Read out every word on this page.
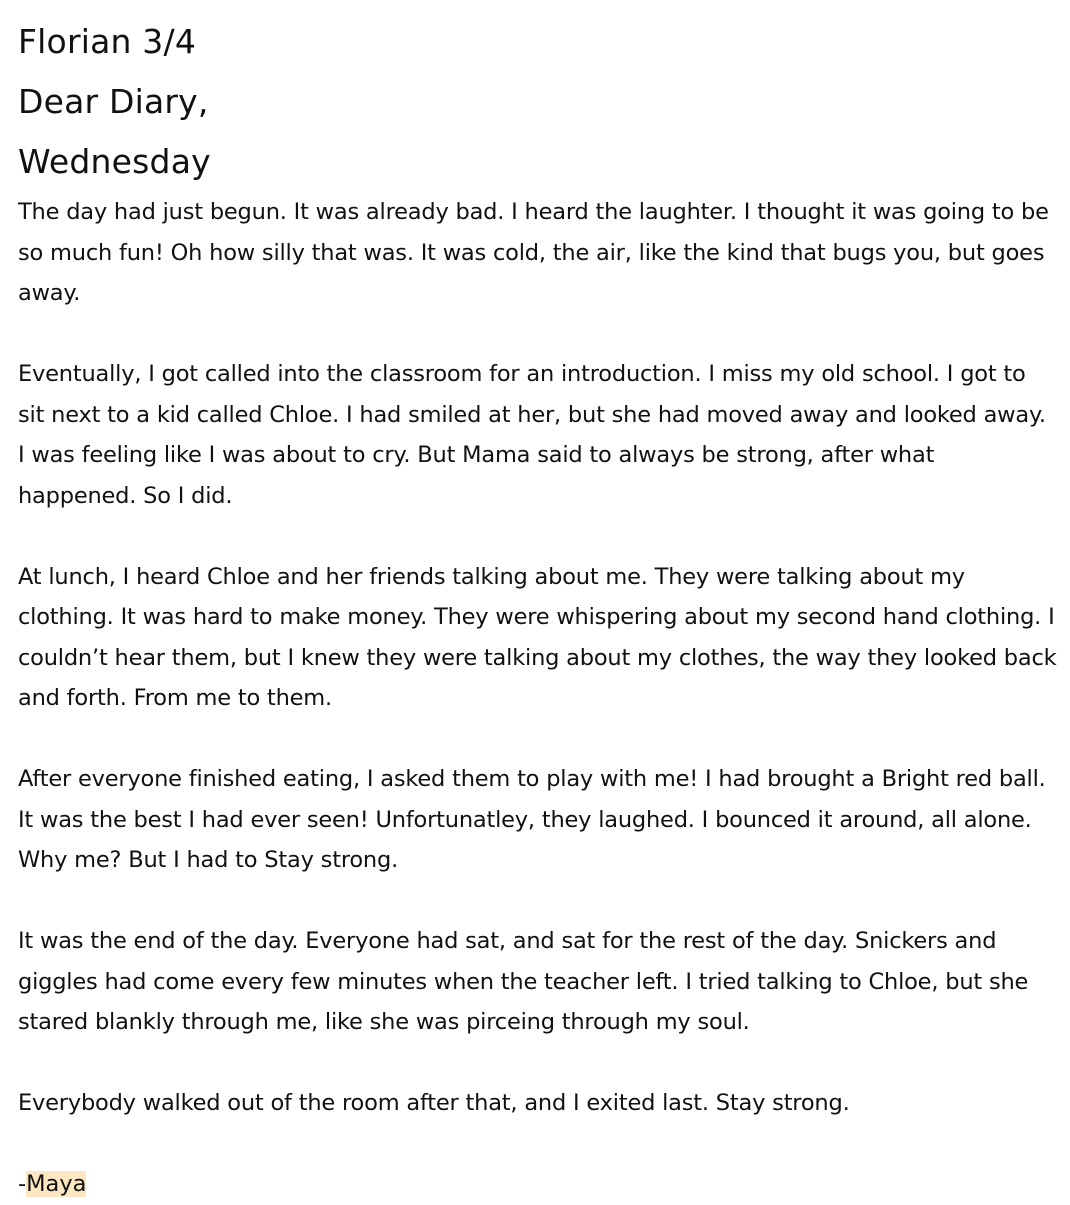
Florian 3/4
Dear Diary,
Wednesday

The day had just begun. It was already bad. I heard the laughter. I thought it was going to be so much fun! Oh how silly that was. It was cold, the air, like the kind that bugs you, but goes away.

Eventually, I got called into the classroom for an introduction. I miss my old school. I got to sit next to a kid called Chloe. I had smiled at her, but she had moved away and looked away. I was feeling like I was about to cry. But Mama said to always be strong, after what happened. So I did.

At lunch, I heard Chloe and her friends talking about me. They were talking about my clothing. It was hard to make money. They were whispering about my second hand clothing. I couldn’t hear them, but I knew they were talking about my clothes, the way they looked back and forth. From me to them.

After everyone finished eating, I asked them to play with me! I had brought a Bright red ball. It was the best I had ever seen! Unfortunatley, they laughed. I bounced it around, all alone. Why me? But I had to Stay strong.

It was the end of the day. Everyone had sat, and sat for the rest of the day. Snickers and giggles had come every few minutes when the teacher left. I tried talking to Chloe, but she stared blankly through me, like she was pirceing through my soul.

Everybody walked out of the room after that, and I exited last. Stay strong.

-Maya
